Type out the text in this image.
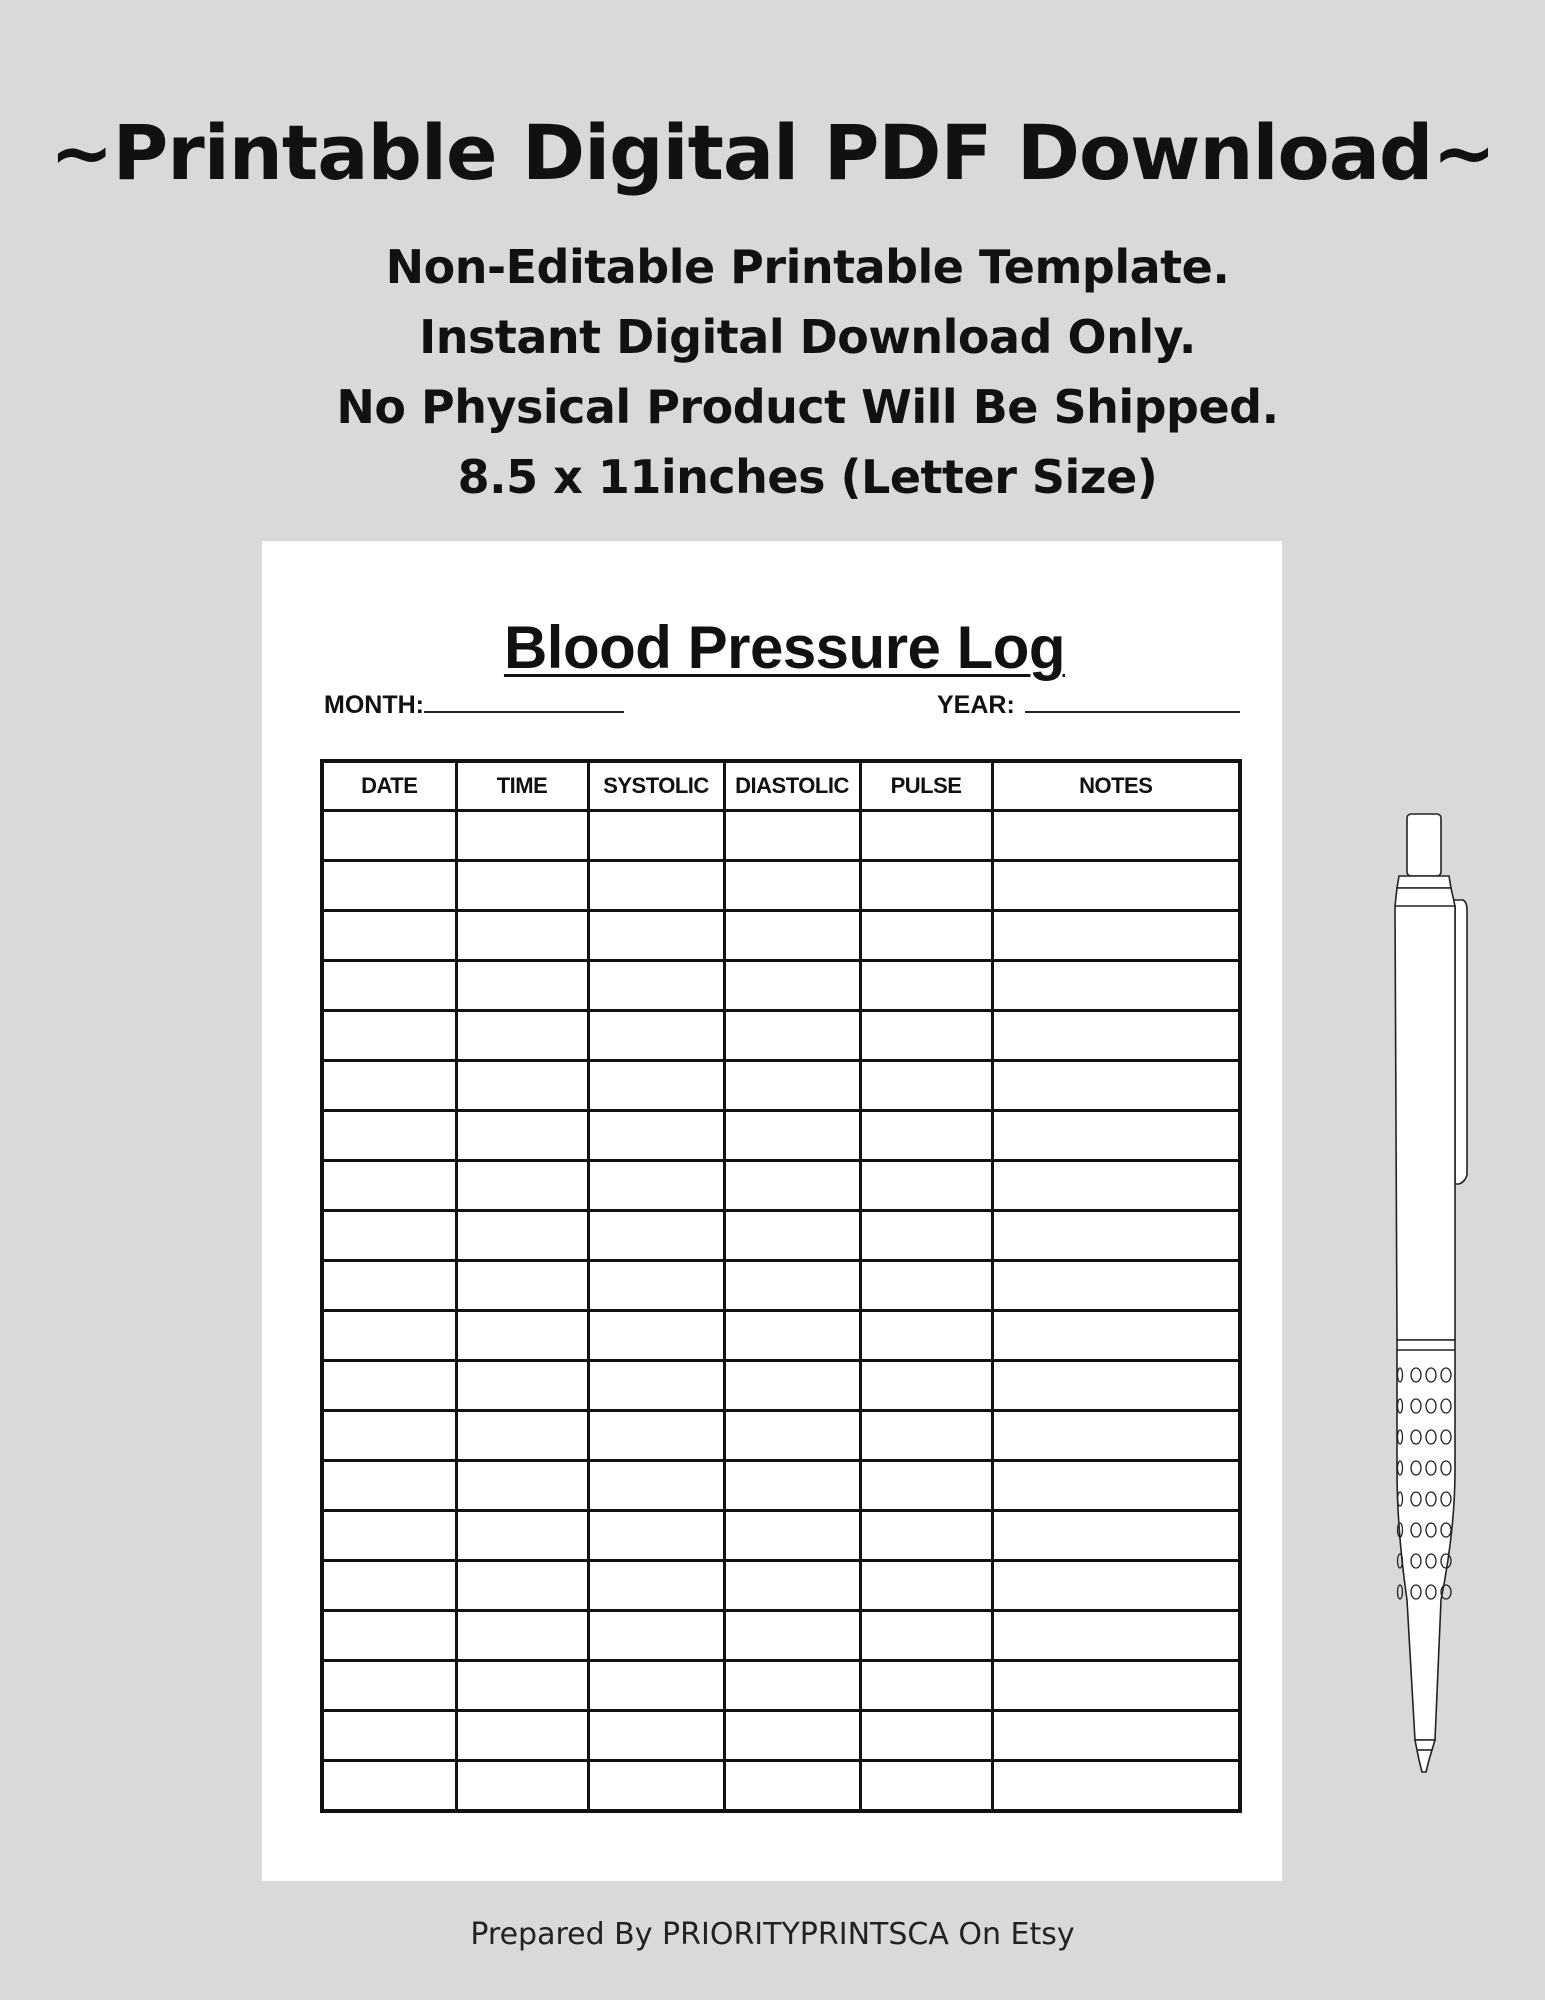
~Printable Digital PDF Download~
Non-Editable Printable Template.
Instant Digital Download Only.
No Physical Product Will Be Shipped.
8.5 x 11inches (Letter Size)
Blood Pressure Log
MONTH:	YEAR:
DATE	TIME	SYSTOLIC	DIASTOLIC	PULSE	NOTES

Prepared By PRIORITYPRINTSCA On Etsy
